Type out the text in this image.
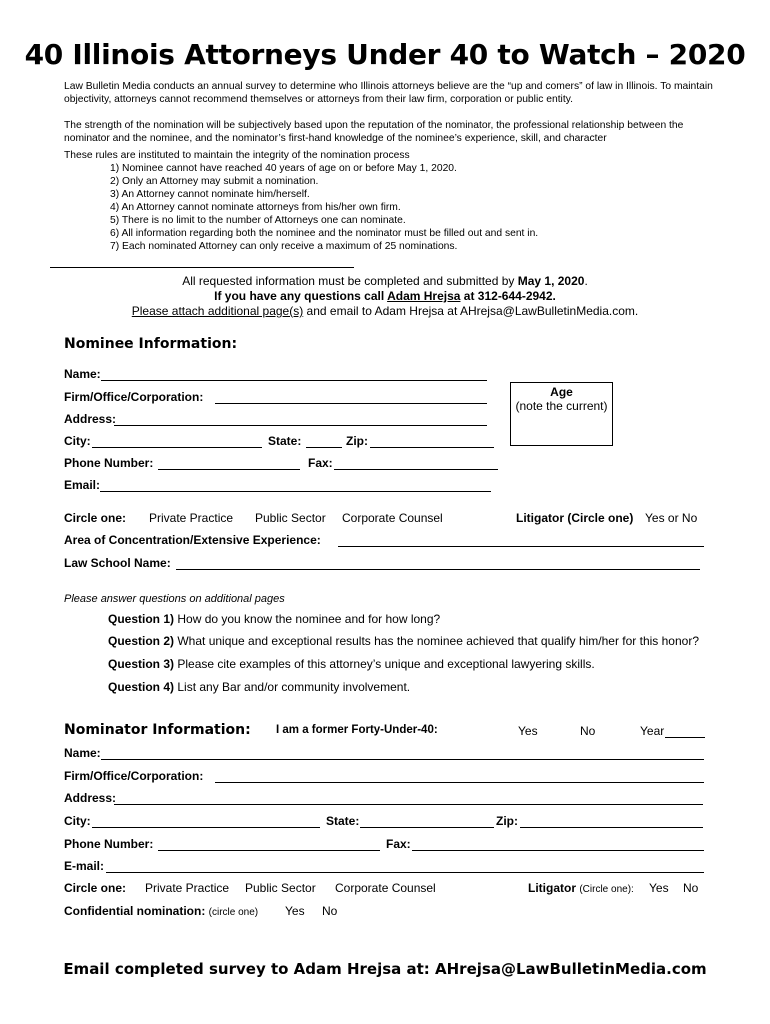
40 Illinois Attorneys Under 40 to Watch – 2020
Law Bulletin Media conducts an annual survey to determine who Illinois attorneys believe are the “up and comers” of law in Illinois. To maintain objectivity, attorneys cannot recommend themselves or attorneys from their law firm, corporation or public entity.
The strength of the nomination will be subjectively based upon the reputation of the nominator, the professional relationship between the nominator and the nominee, and the nominator’s first-hand knowledge of the nominee’s experience, skill, and character
These rules are instituted to maintain the integrity of the nomination process
1) Nominee cannot have reached 40 years of age on or before May 1, 2020.
2) Only an Attorney may submit a nomination.
3) An Attorney cannot nominate him/herself.
4) An Attorney cannot nominate attorneys from his/her own firm.
5) There is no limit to the number of Attorneys one can nominate.
6) All information regarding both the nominee and the nominator must be filled out and sent in.
7) Each nominated Attorney can only receive a maximum of 25 nominations.
All requested information must be completed and submitted by May 1, 2020.
If you have any questions call Adam Hrejsa at 312-644-2942.
Please attach additional page(s) and email to Adam Hrejsa at AHrejsa@LawBulletinMedia.com.
Nominee Information:
Name:
Firm/Office/Corporation:
Address:
City:	State:	Zip:
Phone Number:	Fax:
Email:
Age
(note the current)
Circle one: Private Practice Public Sector Corporate Counsel	Litigator (Circle one) Yes or No
Area of Concentration/Extensive Experience:
Law School Name:
Please answer questions on additional pages
Question 1) How do you know the nominee and for how long?
Question 2) What unique and exceptional results has the nominee achieved that qualify him/her for this honor?
Question 3) Please cite examples of this attorney’s unique and exceptional lawyering skills.
Question 4) List any Bar and/or community involvement.
Nominator Information: I am a former Forty-Under-40:	Yes	No	Year
Name:
Firm/Office/Corporation:
Address:
City:	State:	Zip:
Phone Number:	Fax:
E-mail:
Circle one: Private Practice Public Sector Corporate Counsel	Litigator (Circle one): Yes No
Confidential nomination: (circle one) Yes No
Email completed survey to Adam Hrejsa at: AHrejsa@LawBulletinMedia.com
